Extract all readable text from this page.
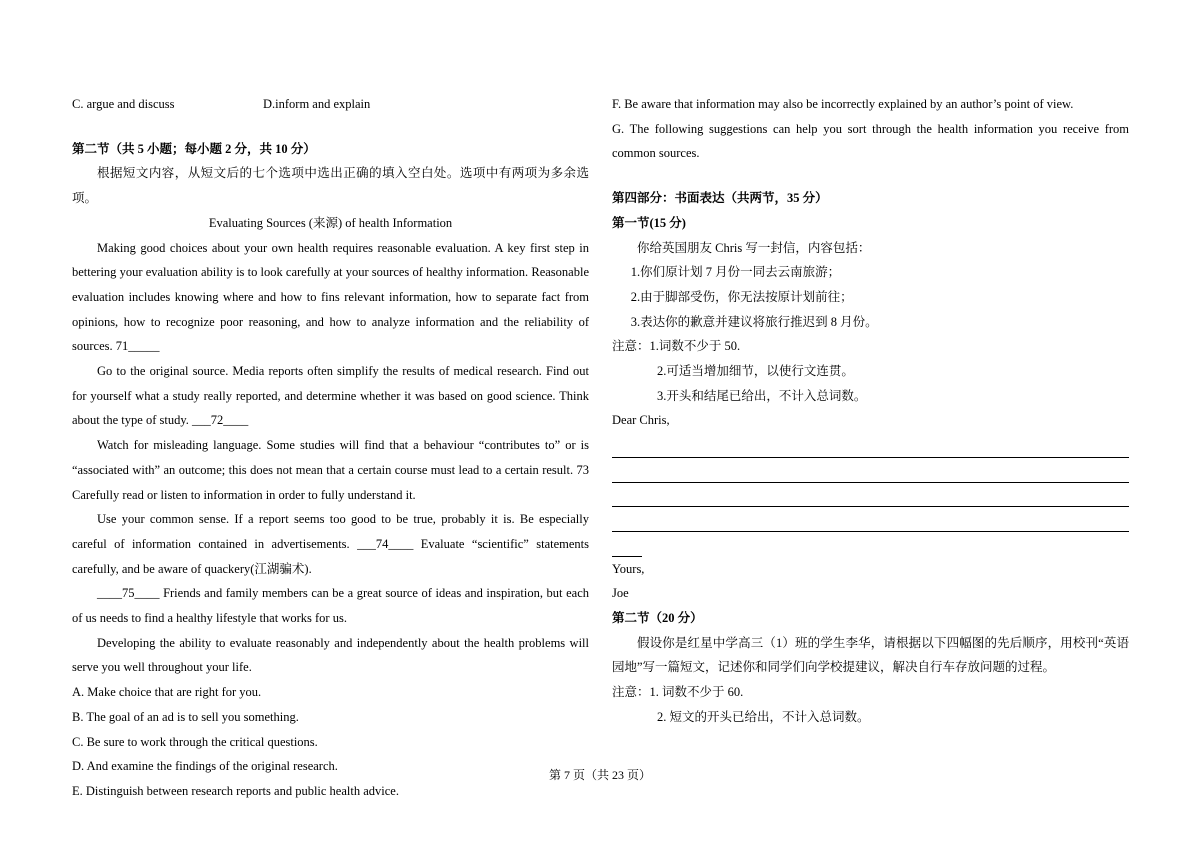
C. argue and discuss	D.inform and explain
第二节（共 5 小题；每小题 2 分，共 10 分）

根据短文内容，从短文后的七个选项中选出正确的填入空白处。选项中有两项为多余选项。

Evaluating Sources (来源) of health Information

Making good choices about your own health requires reasonable evaluation. A key first step in bettering your evaluation ability is to look carefully at your sources of healthy information. Reasonable evaluation includes knowing where and how to fins relevant information, how to separate fact from opinions, how to recognize poor reasoning, and how to analyze information and the reliability of sources. 71_____

Go to the original source. Media reports often simplify the results of medical research. Find out for yourself what a study really reported, and determine whether it was based on good science. Think about the type of study. ___72____

Watch for misleading language. Some studies will find that a behaviour “contributes to” or is “associated with” an outcome; this does not mean that a certain course must lead to a certain result. 73 Carefully read or listen to information in order to fully understand it.

Use your common sense. If a report seems too good to be true, probably it is. Be especially careful of information contained in advertisements. ___74____ Evaluate “scientific” statements carefully, and be aware of quackery(江湖骗术).

____75____ Friends and family members can be a great source of ideas and inspiration, but each of us needs to find a healthy lifestyle that works for us.

Developing the ability to evaluate reasonably and independently about the health problems will serve you well throughout your life.

A. Make choice that are right for you.
B. The goal of an ad is to sell you something.
C. Be sure to work through the critical questions.
D. And examine the findings of the original research.
E. Distinguish between research reports and public health advice.

F. Be aware that information may also be incorrectly explained by an author’s point of view.

G. The following suggestions can help you sort through the health information you receive from common sources.

第四部分：书面表达（共两节，35 分）
第一节(15 分)

你给英国朋友 Chris 写一封信，内容包括：

1.你们原计划 7 月份一同去云南旅游；
2.由于脚部受伤，你无法按原计划前往；
3.表达你的歉意并建议将旅行推迟到 8 月份。
注意：1.词数不少于 50.
2.可适当增加细节，以使行文连贯。
3.开头和结尾已给出，不计入总词数。
Dear Chris,
Yours,
Joe
第二节（20 分）

假设你是红星中学高三（1）班的学生李华，请根据以下四幅图的先后顺序，用校刊“英语园地”写一篇短文，记述你和同学们向学校提建议，解决自行车存放问题的过程。

注意：1. 词数不少于 60.
2. 短文的开头已给出，不计入总词数。
第 7 页（共 23 页）
